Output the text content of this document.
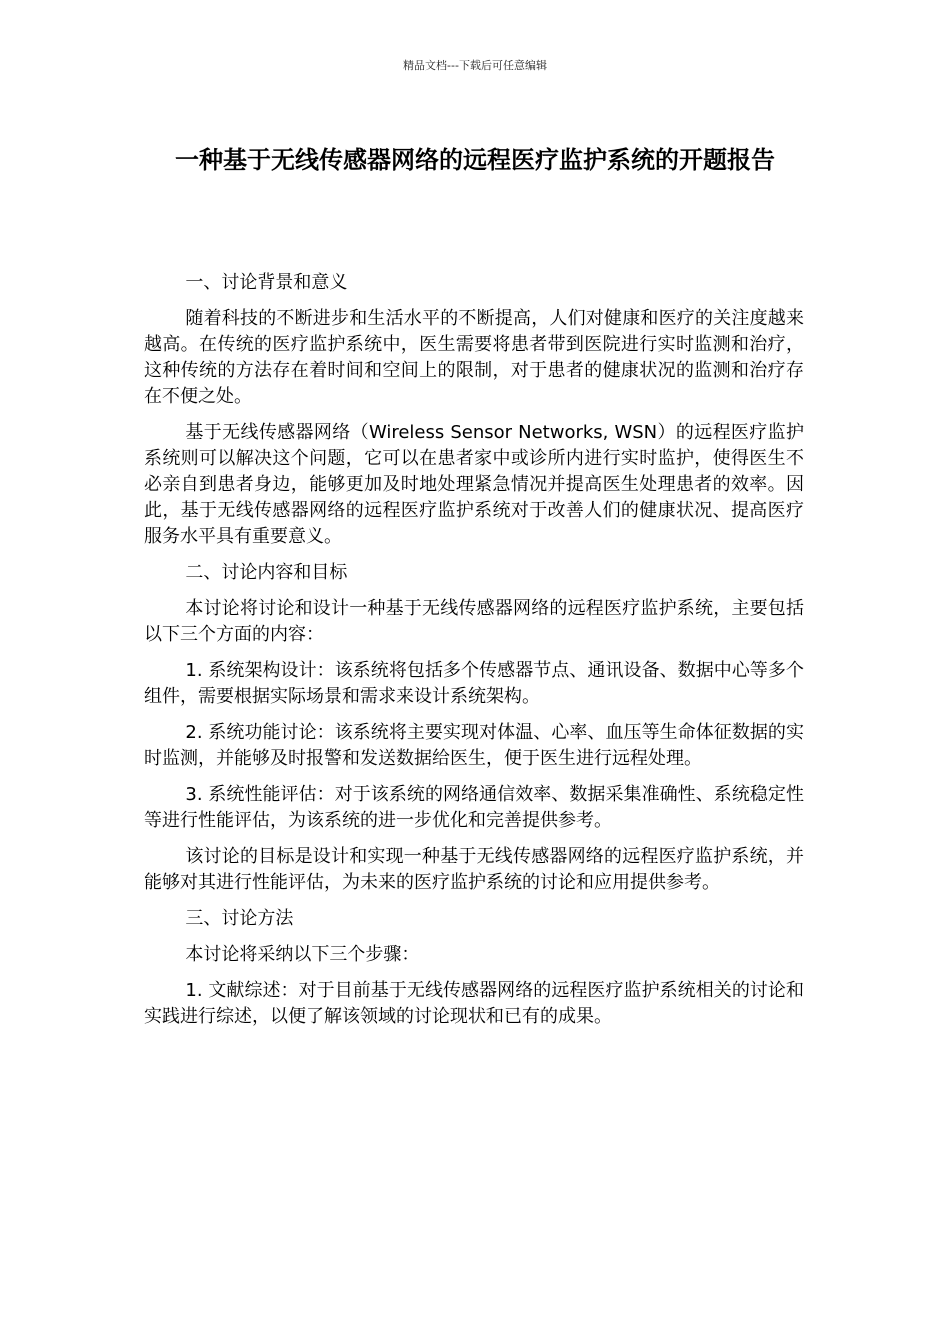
精品文档---下载后可任意编辑
一种基于无线传感器网络的远程医疗监护系统的开题报告

一、讨论背景和意义

随着科技的不断进步和生活水平的不断提高，人们对健康和医疗的关注度越来越高。在传统的医疗监护系统中，医生需要将患者带到医院进行实时监测和治疗，这种传统的方法存在着时间和空间上的限制，对于患者的健康状况的监测和治疗存在不便之处。

基于无线传感器网络（Wireless Sensor Networks, WSN）的远程医疗监护系统则可以解决这个问题，它可以在患者家中或诊所内进行实时监护，使得医生不必亲自到患者身边，能够更加及时地处理紧急情况并提高医生处理患者的效率。因此，基于无线传感器网络的远程医疗监护系统对于改善人们的健康状况、提高医疗服务水平具有重要意义。

二、讨论内容和目标

本讨论将讨论和设计一种基于无线传感器网络的远程医疗监护系统，主要包括以下三个方面的内容：

1. 系统架构设计：该系统将包括多个传感器节点、通讯设备、数据中心等多个组件，需要根据实际场景和需求来设计系统架构。

2. 系统功能讨论：该系统将主要实现对体温、心率、血压等生命体征数据的实时监测，并能够及时报警和发送数据给医生，便于医生进行远程处理。

3. 系统性能评估：对于该系统的网络通信效率、数据采集准确性、系统稳定性等进行性能评估，为该系统的进一步优化和完善提供参考。

该讨论的目标是设计和实现一种基于无线传感器网络的远程医疗监护系统，并能够对其进行性能评估，为未来的医疗监护系统的讨论和应用提供参考。

三、讨论方法

本讨论将采纳以下三个步骤：

1. 文献综述：对于目前基于无线传感器网络的远程医疗监护系统相关的讨论和实践进行综述，以便了解该领域的讨论现状和已有的成果。
